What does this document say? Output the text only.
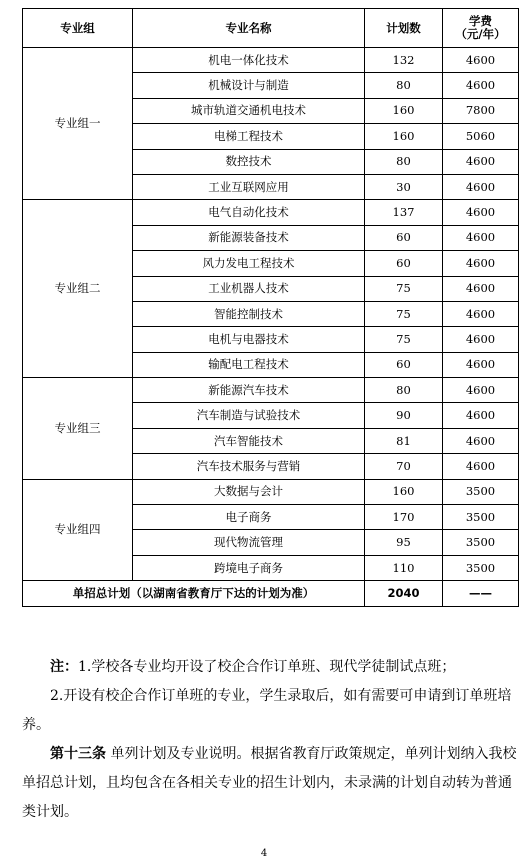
专业组	专业名称	计划数	学费
（元/年）
专业组一	机电一体化技术	132	4600
	机械设计与制造	80	4600
	城市轨道交通机电技术	160	7800
	电梯工程技术	160	5060
	数控技术	80	4600
	工业互联网应用	30	4600
专业组二	电气自动化技术	137	4600
	新能源装备技术	60	4600
	风力发电工程技术	60	4600
	工业机器人技术	75	4600
	智能控制技术	75	4600
	电机与电器技术	75	4600
	输配电工程技术	60	4600
专业组三	新能源汽车技术	80	4600
	汽车制造与试验技术	90	4600
	汽车智能技术	81	4600
	汽车技术服务与营销	70	4600
专业组四	大数据与会计	160	3500
	电子商务	170	3500
	现代物流管理	95	3500
	跨境电子商务	110	3500
单招总计划（以湖南省教育厅下达的计划为准）		2040	——
注：1.学校各专业均开设了校企合作订单班、现代学徒制试点班；
2.开设有校企合作订单班的专业，学生录取后，如有需要可申请到订单班培养。
第十三条 单列计划及专业说明。根据省教育厅政策规定，单列计划纳入我校单招总计划，且均包含在各相关专业的招生计划内，未录满的计划自动转为普通类计划。
4
